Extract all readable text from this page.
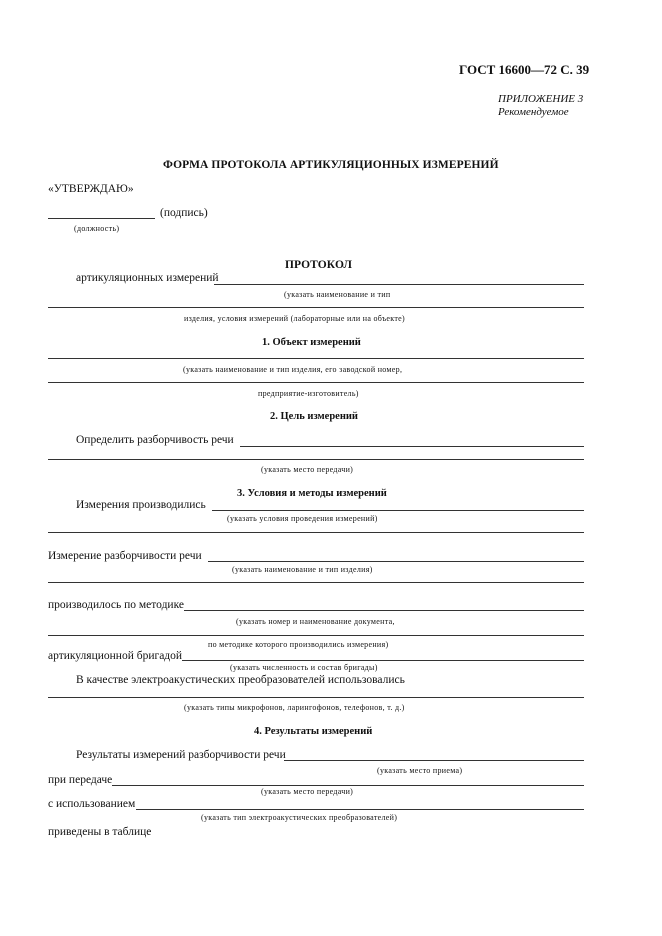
ГОСТ 16600—72 С. 39
ПРИЛОЖЕНИЕ 3
Рекомендуемое
ФОРМА ПРОТОКОЛА АРТИКУЛЯЦИОННЫХ ИЗМЕРЕНИЙ
«УТВЕРЖДАЮ»
(подпись)
(должность)
ПРОТОКОЛ
артикуляционных измерений
(указать наименование и тип
изделия, условия измерений (лабораторные или на объекте)
1. Объект измерений
(указать наименование и тип изделия, его заводской номер,
предприятие-изготовитель)
2. Цель измерений
Определить разборчивость речи
(указать место передачи)
3. Условия и методы измерений
Измерения производились
(указать условия проведения измерений)
Измерение разборчивости речи
(указать наименование и тип изделия)
производилось по методике
(указать номер и наименование документа,
по методике которого производились измерения)
артикуляционной бригадой
(указать численность и состав бригады)
В качестве электроакустических преобразователей использовались
(указать типы микрофонов, ларингофонов, телефонов, т. д.)
4. Результаты измерений
Результаты измерений разборчивости речи
(указать место приема)
при передаче
(указать место передачи)
с использованием
(указать тип электроакустических преобразователей)
приведены в таблице
